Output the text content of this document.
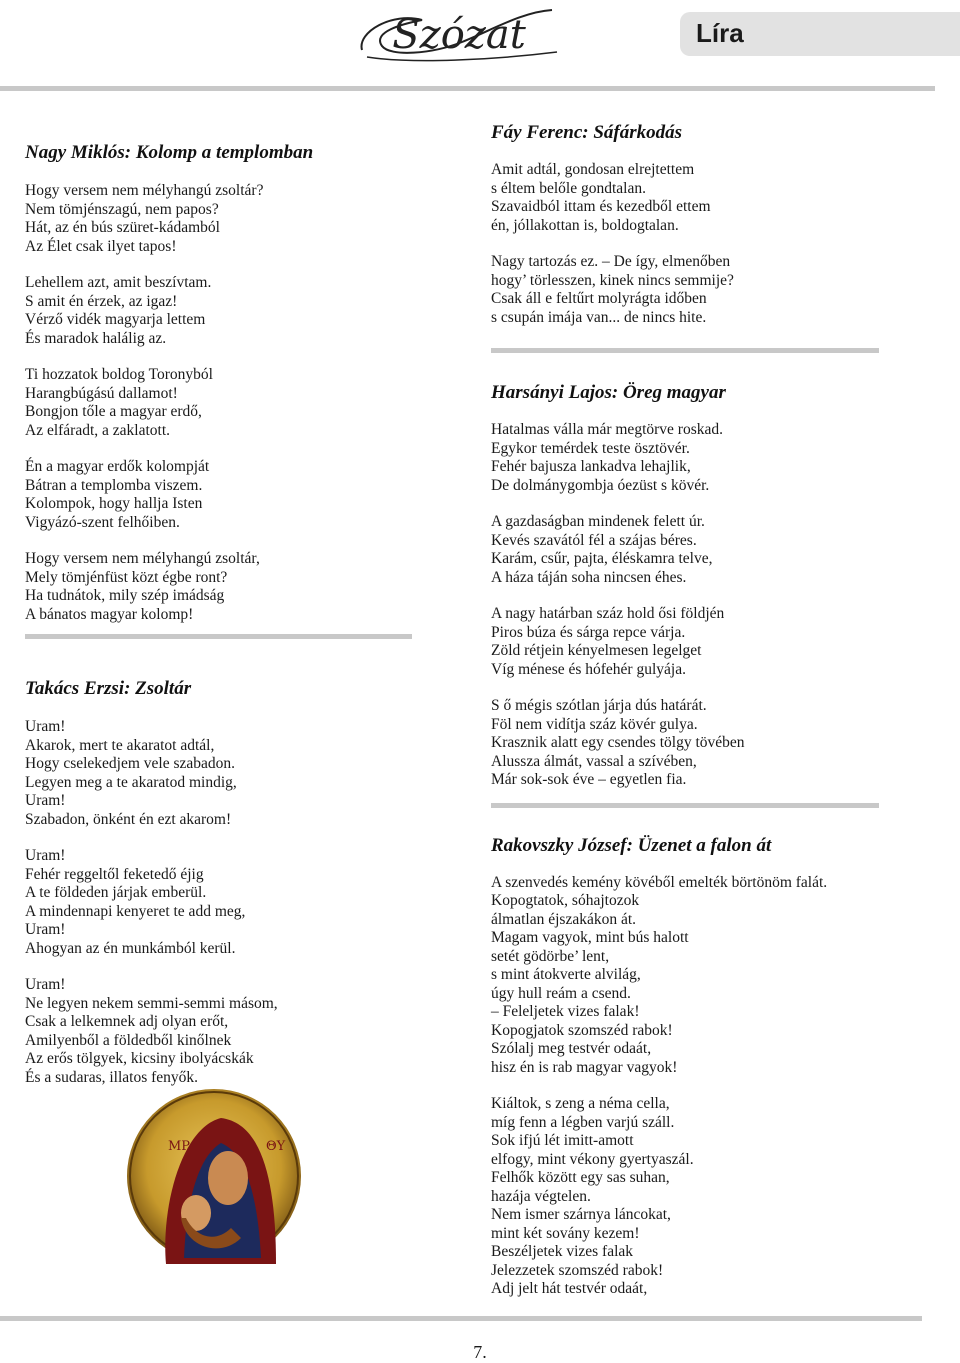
Szózat	Líra
Nagy Miklós: Kolomp a templomban
Hogy versem nem mélyhangú zsoltár?
Nem tömjénszagú, nem papos?
Hát, az én bús szüret-kádamból
Az Élet csak ilyet tapos!
Lehellem azt, amit beszívtam.
S amit én érzek, az igaz!
Vérző vidék magyarja lettem
És maradok halálig az.
Ti hozzatok boldog Toronyból
Harangbúgású dallamot!
Bongjon tőle a magyar erdő,
Az elfáradt, a zaklatott.
Én a magyar erdők kolompját
Bátran a templomba viszem.
Kolompok, hogy hallja Isten
Vigyázó-szent felhőiben.
Hogy versem nem mélyhangú zsoltár,
Mely tömjénfüst közt égbe ront?
Ha tudnátok, mily szép imádság
A bánatos magyar kolomp!
Takács Erzsi: Zsoltár
Uram!
Akarok, mert te akaratot adtál,
Hogy cselekedjem vele szabadon.
Legyen meg a te akaratod mindig,
Uram!
Szabadon, önként én ezt akarom!
Uram!
Fehér reggeltől feketedő éjig
A te földeden járjak emberül.
A mindennapi kenyeret te add meg,
Uram!
Ahogyan az én munkámból kerül.
Uram!
Ne legyen nekem semmi-semmi másom,
Csak a lelkemnek adj olyan erőt,
Amilyenből a földedből kinőlnek
Az erős tölgyek, kicsiny ibolyácskák
És a sudaras, illatos fenyők.
MP	ΘΥ
Fáy Ferenc: Sáfárkodás
Amit adtál, gondosan elrejtettem
s éltem belőle gondtalan.
Szavaidból ittam és kezedből ettem
én, jóllakottan is, boldogtalan.
Nagy tartozás ez. – De így, elmenőben
hogy’ törlesszen, kinek nincs semmije?
Csak áll e feltűrt molyrágta időben
s csupán imája van... de nincs hite.
Harsányi Lajos: Öreg magyar
Hatalmas válla már megtörve roskad.
Egykor temérdek teste ösztövér.
Fehér bajusza lankadva lehajlik,
De dolmánygombja óezüst s kövér.
A gazdaságban mindenek felett úr.
Kevés szavától fél a szájas béres.
Karám, csűr, pajta, éléskamra telve,
A háza táján soha nincsen éhes.
A nagy határban száz hold ősi földjén
Piros búza és sárga repce várja.
Zöld rétjein kényelmesen legelget
Víg ménese és hófehér gulyája.
S ő mégis szótlan járja dús határát.
Föl nem vidítja száz kövér gulya.
Krasznik alatt egy csendes tölgy tövében
Alussza álmát, vassal a szívében,
Már sok-sok éve – egyetlen fia.
Rakovszky József: Üzenet a falon át
A szenvedés kemény kövéből emelték börtönöm falát.
Kopogtatok, sóhajtozok
álmatlan éjszakákon át.
Magam vagyok, mint bús halott
setét gödörbe’ lent,
s mint átokverte alvilág,
úgy hull reám a csend.
– Feleljetek vizes falak!
Kopogjatok szomszéd rabok!
Szólalj meg testvér odaát,
hisz én is rab magyar vagyok!
Kiáltok, s zeng a néma cella,
míg fenn a légben varjú száll.
Sok ifjú lét imitt-amott
elfogy, mint vékony gyertyaszál.
Felhők között egy sas suhan,
hazája végtelen.
Nem ismer szárnya láncokat,
mint két sovány kezem!
Beszéljetek vizes falak
Jelezzetek szomszéd rabok!
Adj jelt hát testvér odaát,
7.
